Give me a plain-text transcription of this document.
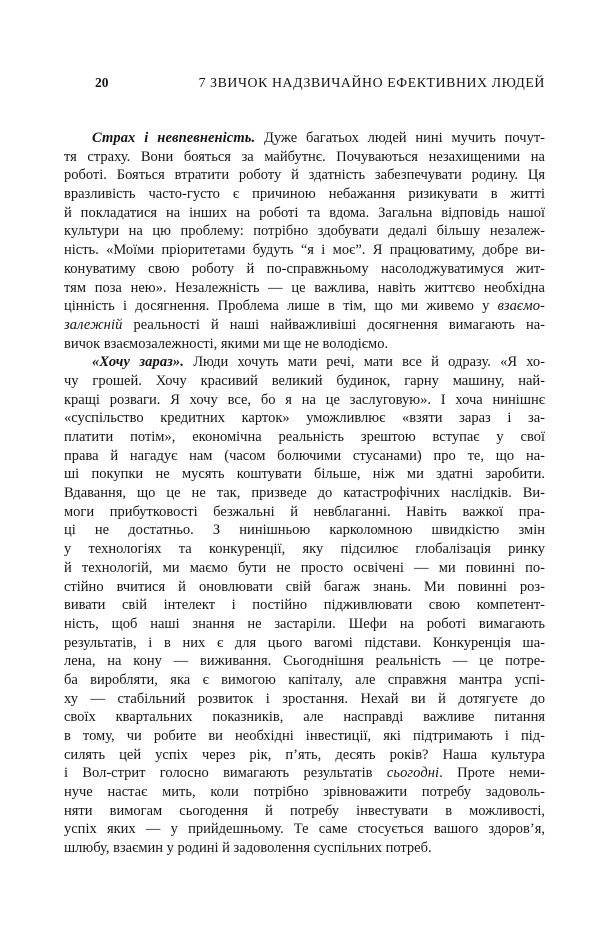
20	7 ЗВИЧОК НАДЗВИЧАЙНО ЕФЕКТИВНИХ ЛЮДЕЙ
Страх і невпевненість. Дуже багатьох людей нині мучить почут-
тя страху. Вони бояться за майбутнє. Почуваються незахищеними на
роботі. Бояться втратити роботу й здатність забезпечувати родину. Ця
вразливість часто-густо є причиною небажання ризикувати в житті
й покладатися на інших на роботі та вдома. Загальна відповідь нашої
культури на цю проблему: потрібно здобувати дедалі більшу незалеж-
ність. «Моїми пріоритетами будуть “я і моє”. Я працюватиму, добре ви-
конуватиму свою роботу й по-справжньому насолоджуватимуся жит-
тям поза нею». Незалежність — це важлива, навіть життєво необхідна
цінність і досягнення. Проблема лише в тім, що ми живемо у взаємо-
залежній реальності й наші найважливіші досягнення вимагають на-
вичок взаємозалежності, якими ми ще не володіємо.
«Хочу зараз». Люди хочуть мати речі, мати все й одразу. «Я хо-
чу грошей. Хочу красивий великий будинок, гарну машину, най-
кращі розваги. Я хочу все, бо я на це заслуговую». І хоча нинішнє
«суспільство кредитних карток» уможливлює «взяти зараз і за-
платити потім», економічна реальність зрештою вступає у свої
права й нагадує нам (часом болючими стусанами) про те, що на-
ші покупки не мусять коштувати більше, ніж ми здатні заробити.
Вдавання, що це не так, призведе до катастрофічних наслідків. Ви-
моги прибутковості безжальні й невблаганні. Навіть важкої пра-
ці не достатньо. З нинішньою карколомною швидкістю змін
у технологіях та конкуренції, яку підсилює глобалізація ринку
й технологій, ми маємо бути не просто освічені — ми повинні по-
стійно вчитися й оновлювати свій багаж знань. Ми повинні роз-
вивати свій інтелект і постійно підживлювати свою компетент-
ність, щоб наші знання не застаріли. Шефи на роботі вимагають
результатів, і в них є для цього вагомі підстави. Конкуренція ша-
лена, на кону — виживання. Сьогоднішня реальність — це потре-
ба виробляти, яка є вимогою капіталу, але справжня мантра успі-
ху — стабільний розвиток і зростання. Нехай ви й дотягуєте до
своїх квартальних показників, але насправді важливе питання
в тому, чи робите ви необхідні інвестиції, які підтримають і під-
силять цей успіх через рік, п’ять, десять років? Наша культура
і Вол-стрит голосно вимагають результатів сьогодні. Проте неми-
нуче настає мить, коли потрібно зрівноважити потребу задоволь-
няти вимогам сьогодення й потребу інвестувати в можливості,
успіх яких — у прийдешньому. Те саме стосується вашого здоров’я,
шлюбу, взаємин у родині й задоволення суспільних потреб.
